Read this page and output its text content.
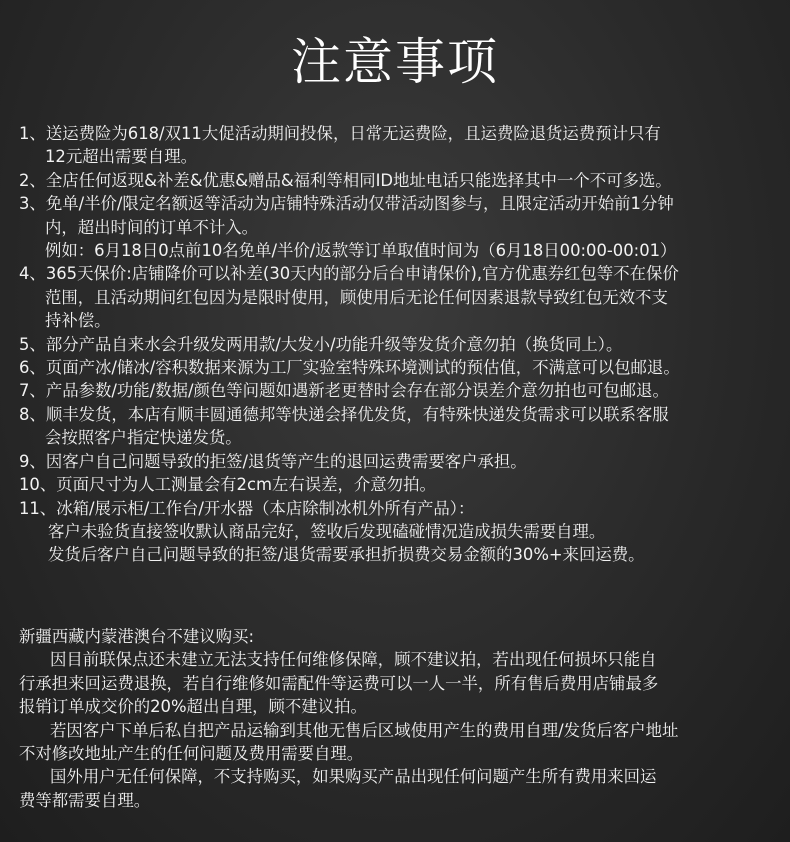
注意事项
1、送运费险为618/双11大促活动期间投保，日常无运费险，且运费险退货运费预计只有
12元超出需要自理。
2、全店任何返现&补差&优惠&赠品&福利等相同ID地址电话只能选择其中一个不可多选。
3、免单/半价/限定名额返等活动为店铺特殊活动仅带活动图参与，且限定活动开始前1分钟
内，超出时间的订单不计入。
例如：6月18日0点前10名免单/半价/返款等订单取值时间为（6月18日00:00-00:01）
4、365天保价:店铺降价可以补差(30天内的部分后台申请保价),官方优惠券红包等不在保价
范围，且活动期间红包因为是限时使用，顾使用后无论任何因素退款导致红包无效不支
持补偿。
5、部分产品自来水会升级发两用款/大发小/功能升级等发货介意勿拍（换货同上）。
6、页面产冰/储冰/容积数据来源为工厂实验室特殊环境测试的预估值，不满意可以包邮退。
7、产品参数/功能/数据/颜色等问题如遇新老更替时会存在部分误差介意勿拍也可包邮退。
8、顺丰发货，本店有顺丰圆通德邦等快递会择优发货，有特殊快递发货需求可以联系客服
会按照客户指定快递发货。
9、因客户自己问题导致的拒签/退货等产生的退回运费需要客户承担。
10、页面尺寸为人工测量会有2cm左右误差，介意勿拍。
11、冰箱/展示柜/工作台/开水器（本店除制冰机外所有产品）：
客户未验货直接签收默认商品完好，签收后发现磕碰情况造成损失需要自理。
发货后客户自己问题导致的拒签/退货需要承担折损费交易金额的30%+来回运费。
新疆西藏内蒙港澳台不建议购买:
因目前联保点还未建立无法支持任何维修保障，顾不建议拍，若出现任何损坏只能自
行承担来回运费退换，若自行维修如需配件等运费可以一人一半，所有售后费用店铺最多
报销订单成交价的20%超出自理，顾不建议拍。
若因客户下单后私自把产品运输到其他无售后区域使用产生的费用自理/发货后客户地址
不对修改地址产生的任何问题及费用需要自理。
国外用户无任何保障，不支持购买，如果购买产品出现任何问题产生所有费用来回运
费等都需要自理。
